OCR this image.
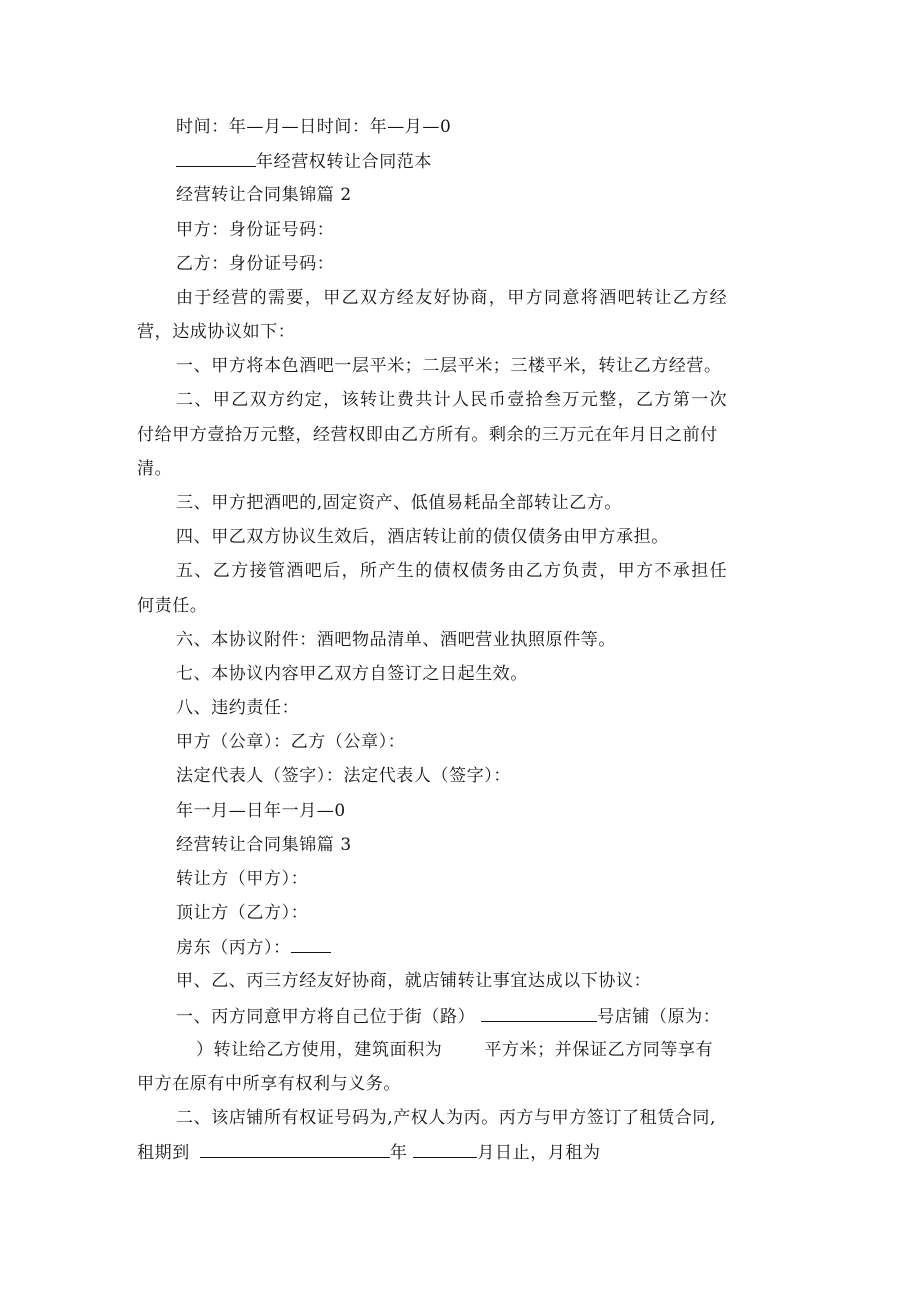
时间：年—月—日时间：年—月—0
年经营权转让合同范本
经营转让合同集锦篇 2
甲方：身份证号码：
乙方：身份证号码：
由于经营的需要，甲乙双方经友好协商，甲方同意将酒吧转让乙方经
营，达成协议如下：
一、甲方将本色酒吧一层平米；二层平米；三楼平米，转让乙方经营。
二、甲乙双方约定，该转让费共计人民币壹拾叁万元整，乙方第一次
付给甲方壹拾万元整，经营权即由乙方所有。剩余的三万元在年月日之前付
清。
三、甲方把酒吧的,固定资产、低值易耗品全部转让乙方。
四、甲乙双方协议生效后，酒店转让前的债仅债务由甲方承担。
五、乙方接管酒吧后，所产生的债权债务由乙方负责，甲方不承担任
何责任。
六、本协议附件：酒吧物品清单、酒吧营业执照原件等。
七、本协议内容甲乙双方自签订之日起生效。
八、违约责任：
甲方（公章）：乙方（公章）：
法定代表人（签字）：法定代表人（签字）：
年一月—日年一月—0
经营转让合同集锦篇 3
转让方（甲方）：
顶让方（乙方）：
房东（丙方）：
甲、乙、丙三方经友好协商，就店铺转让事宜达成以下协议：
一、丙方同意甲方将自己位于街（路）	号店铺（原为：
）转让给乙方使用，建筑面积为 平方米；并保证乙方同等享有
甲方在原有中所享有权利与义务。
二、该店铺所有权证号码为,产权人为丙。丙方与甲方签订了租赁合同,
租期到	年	月日止，月租为
